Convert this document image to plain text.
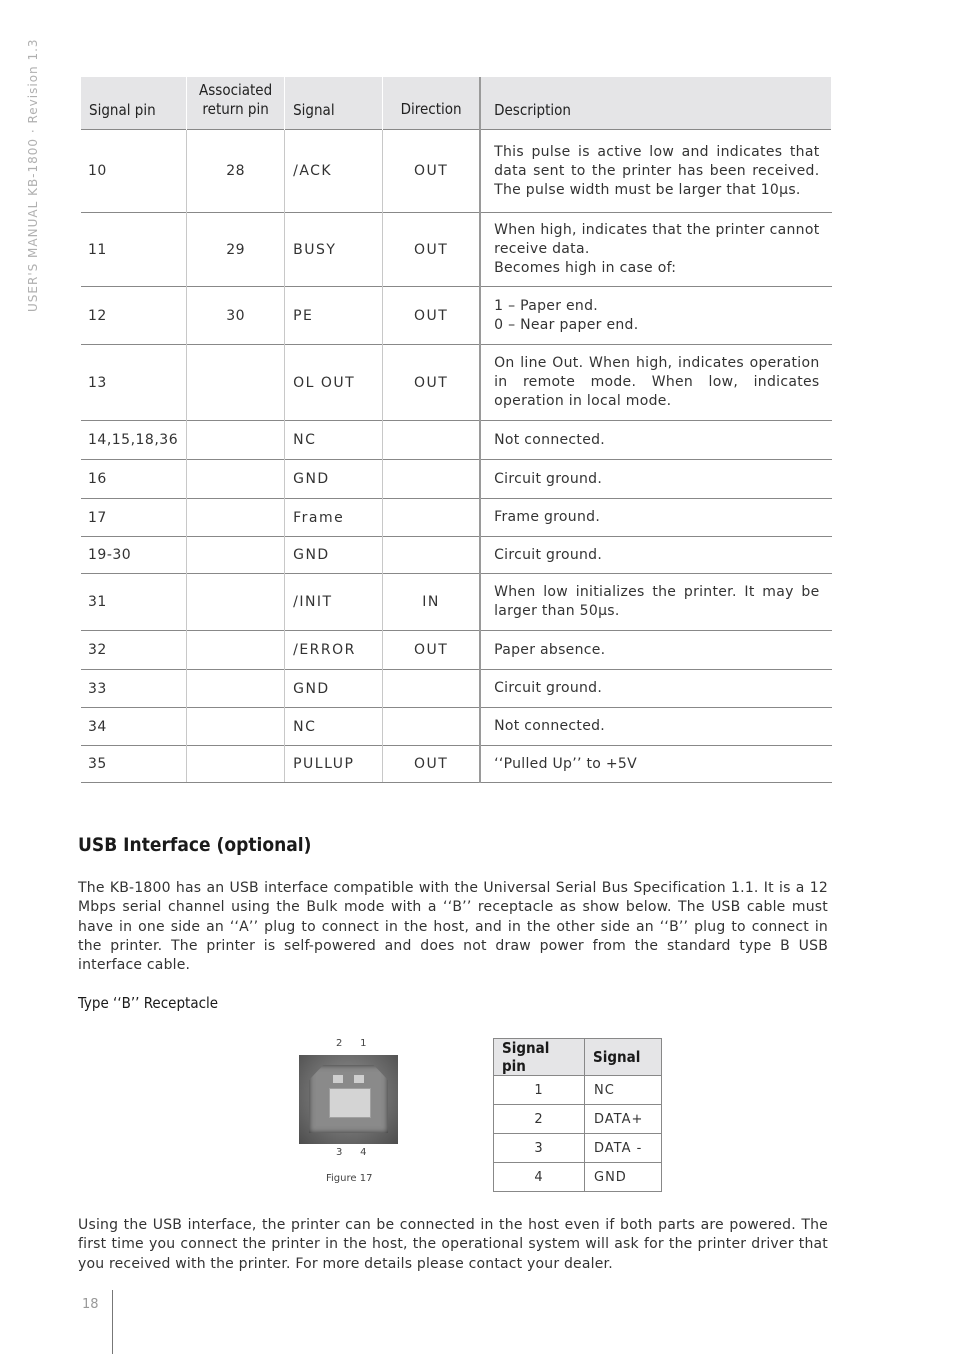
USER'S MANUAL KB-1800 · Revision 1.3	Signal pin	Associated
return pin	Signal	Direction	Description
10	28	/ACK	OUT	This pulse is active low and indicates that data sent to the printer has been received. The pulse width must be larger that 10µs.
11	29	BUSY	OUT	When high, indicates that the printer cannot receive data.
Becomes high in case of:
12	30	PE	OUT	1 – Paper end.
0 – Near paper end.
13		OL OUT	OUT	On line Out. When high, indicates operation in remote mode. When low, indicates operation in local mode.
14,15,18,36		NC		Not connected.
16		GND		Circuit ground.
17		Frame		Frame ground.
19-30		GND		Circuit ground.
31		/INIT	IN	When low initializes the printer. It may be larger than 50µs.
32		/ERROR	OUT	Paper absence.
33		GND		Circuit ground.
34		NC		Not connected.
35		PULLUP	OUT	‘‘Pulled Up’’ to +5V
USB Interface (optional)
The KB-1800 has an USB interface compatible with the Universal Serial Bus Specification 1.1. It is a 12 Mbps serial channel using the Bulk mode with a ‘‘B’’ receptacle as show below. The USB cable must have in one side an ‘‘A’’ plug to connect in the host, and in the other side an ‘‘B’’ plug to connect in the printer. The printer is self-powered and does not draw power from the standard type B USB interface cable.
Type ‘‘B’’ Receptacle
2    1
3    4
Figure 17
Signal pin	Signal
1	NC
2	DATA+
3	DATA -
4	GND
Using the USB interface, the printer can be connected in the host even if both parts are powered. The first time you connect the printer in the host, the operational system will ask for the printer driver that you received with the printer. For more details please contact your dealer.
18
